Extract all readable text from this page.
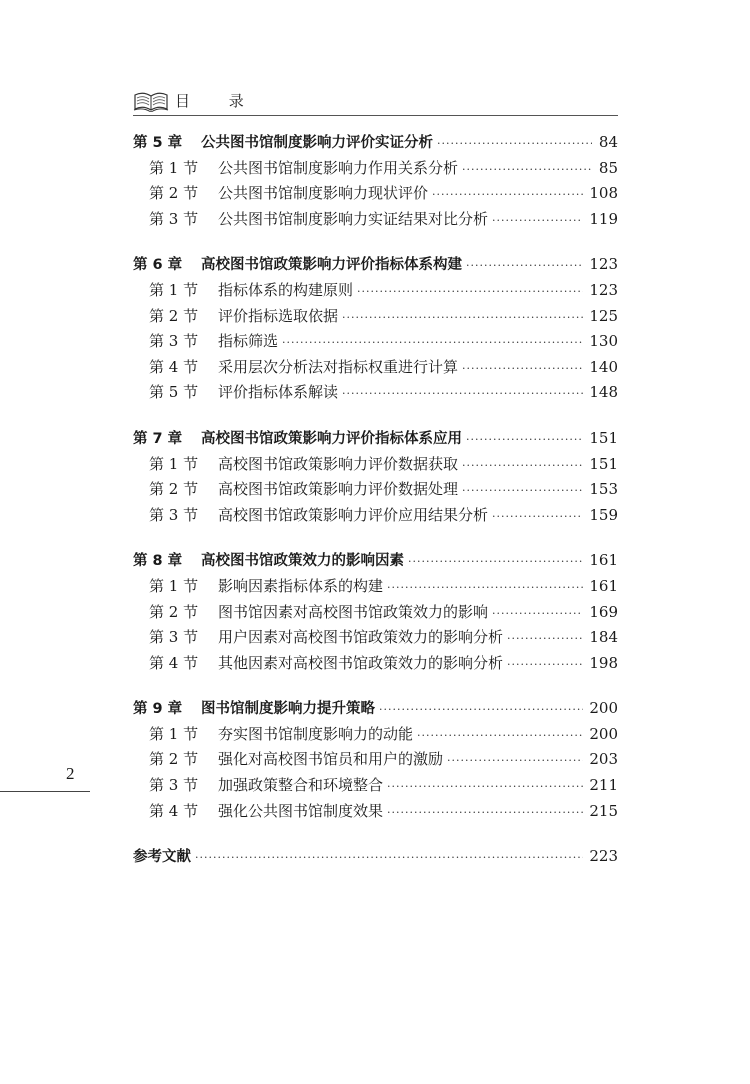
目 录
第 5 章	公共图书馆制度影响力评价实证分析 ·····	84
第 1 节	公共图书馆制度影响力作用关系分析 ·····	85
第 2 节	公共图书馆制度影响力现状评价 ·····	108
第 3 节	公共图书馆制度影响力实证结果对比分析 ·····	119
第 6 章	高校图书馆政策影响力评价指标体系构建 ·····	123
第 1 节	指标体系的构建原则 ·····	123
第 2 节	评价指标选取依据 ·····	125
第 3 节	指标筛选 ·····	130
第 4 节	采用层次分析法对指标权重进行计算 ·····	140
第 5 节	评价指标体系解读 ·····	148
第 7 章	高校图书馆政策影响力评价指标体系应用 ·····	151
第 1 节	高校图书馆政策影响力评价数据获取 ·····	151
第 2 节	高校图书馆政策影响力评价数据处理 ·····	153
第 3 节	高校图书馆政策影响力评价应用结果分析 ·····	159
第 8 章	高校图书馆政策效力的影响因素 ·····	161
第 1 节	影响因素指标体系的构建 ·····	161
第 2 节	图书馆因素对高校图书馆政策效力的影响 ·····	169
第 3 节	用户因素对高校图书馆政策效力的影响分析 ·····	184
第 4 节	其他因素对高校图书馆政策效力的影响分析 ·····	198
第 9 章	图书馆制度影响力提升策略 ·····	200
第 1 节	夯实图书馆制度影响力的动能 ·····	200
第 2 节	强化对高校图书馆员和用户的激励 ·····	203
第 3 节	加强政策整合和环境整合 ·····	211
第 4 节	强化公共图书馆制度效果 ·····	215
参考文献 ·····	223
2
